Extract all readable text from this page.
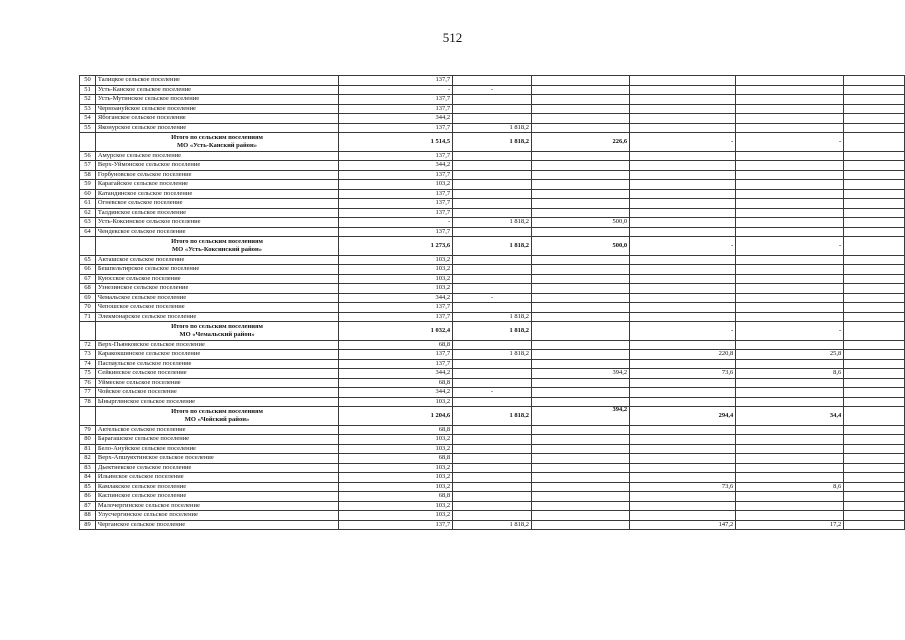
512
50	Талицкое сельское поселение	137,7					
51	Усть-Канское сельское поселение	-	-				
52	Усть-Мутинское сельское поселение	137,7					
53	Черноануйское сельское поселение	137,7					
54	Ябоганское сельское поселение	344,2					
55	Яконурское сельское поселение	137,7	1 818,2				

	Итого по сельским поселениям
МО «Усть-Канский район»	1 514,5	1 818,2	226,6	-	-	
56	Амурское сельское поселение	137,7					
57	Верх-Уймонское сельское поселение	344,2					
58	Горбуновское сельское поселение	137,7					
59	Карагайское сельское поселение	103,2					
60	Катандинское сельское поселение	137,7					
61	Огневское сельское поселение	137,7					
62	Талдинское сельское поселение	137,7					
63	Усть-Коксинское сельское поселение	-	1 818,2	500,0			
64	Чендекское сельское поселение	137,7					

	Итого по сельским поселениям
МО «Усть-Коксинский район»	1 273,6	1 818,2	500,0	-	-	
65	Акташское сельское поселение	103,2					
66	Бешпельтирское сельское поселение	103,2					
67	Куюсское сельское поселение	103,2					
68	Узнезинское сельское поселение	103,2					
69	Чемальское сельское поселение	344,2	-				
70	Чепошское сельское поселение	137,7					
71	Элекмонарское сельское поселение	137,7	1 818,2				

	Итого по сельским поселениям
МО «Чемальский район»	1 032,4	1 818,2		-	-	
72	Верх-Пьянковское сельское поселение	68,8					
73	Каракокшинское сельское поселение	137,7	1 818,2		220,8	25,8	
74	Паспаульское сельское поселение	137,7					
75	Сейкинское сельское поселение	344,2		394,2	73,6	8,6	
76	Уймеское сельское поселение	68,8					
77	Чойское сельское поселение	344,2	-				
78	Ынырглинское сельское поселение	103,2					

	Итого по сельским поселениям
МО «Чойский район»	1 204,6	1 818,2	394,2	294,4	34,4	
79	Актельское сельское поселение	68,8					
80	Барагашское сельское поселение	103,2					
81	Бело-Ануйское сельское поселение	103,2					
82	Верх-Апшуяхтинское сельское поселение	68,8					
83	Дьектиекское сельское поселение	103,2					
84	Ильинское сельское поселение	103,2					
85	Камлакское сельское поселение	103,2			73,6	8,6	
86	Каспинское сельское поселение	68,8					
87	Малочергинское сельское поселение	103,2					
88	Улусчергинское сельское поселение	103,2					
89	Черганское сельское поселение	137,7	1 818,2		147,2	17,2	
